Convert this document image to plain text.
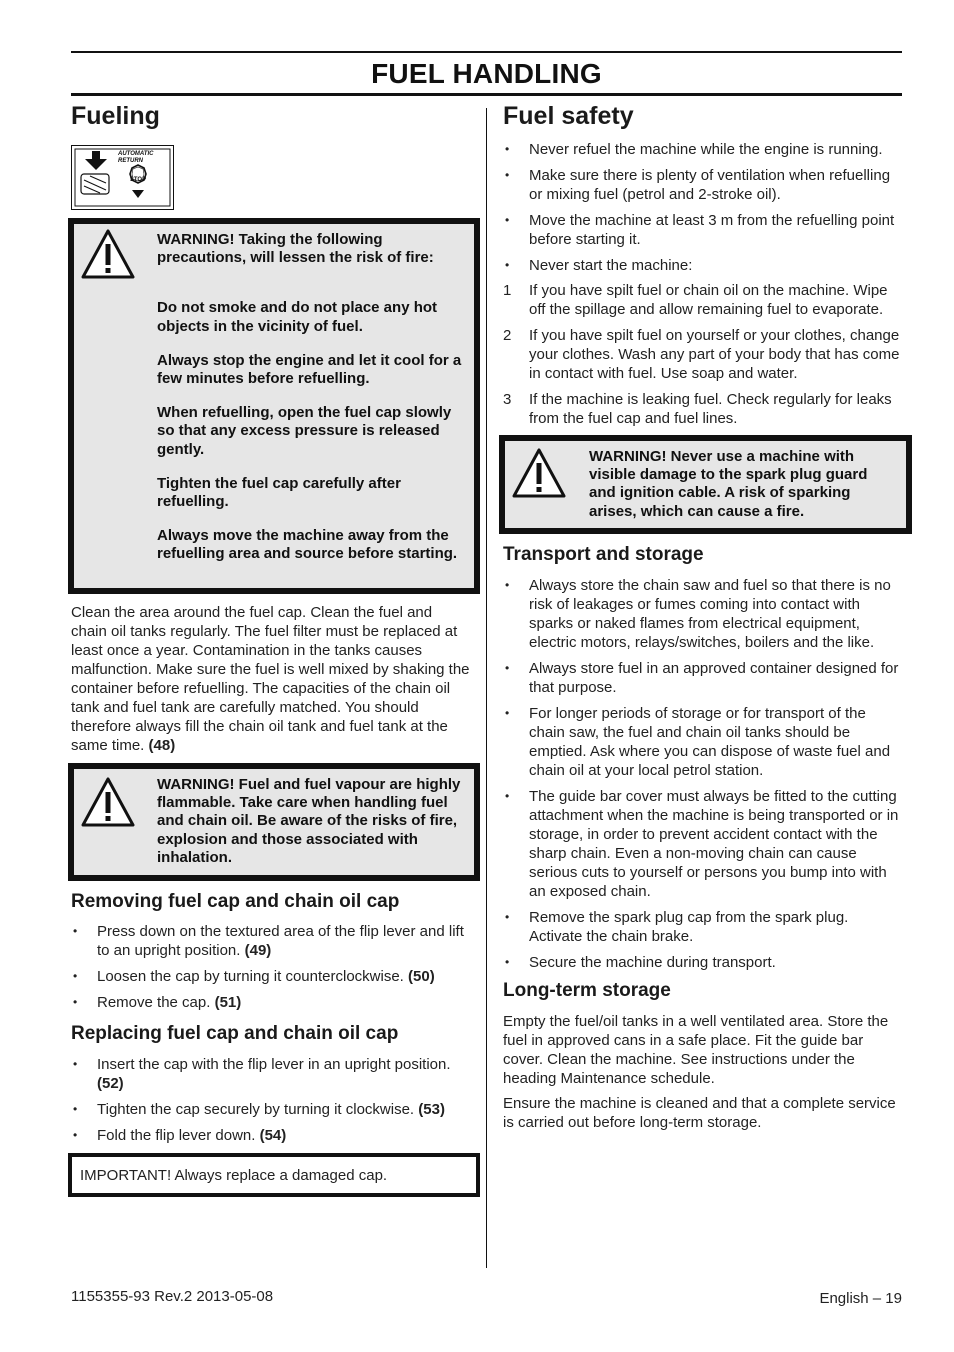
FUEL HANDLING
Fueling
AUTOMATIC
RETURN
STOP

WARNING! Taking the following precautions, will lessen the risk of fire:

Do not smoke and do not place any hot objects in the vicinity of fuel.

Always stop the engine and let it cool for a few minutes before refuelling.

When refuelling, open the fuel cap slowly so that any excess pressure is released gently.

Tighten the fuel cap carefully after refuelling.

Always move the machine away from the refuelling area and source before starting.

Clean the area around the fuel cap. Clean the fuel and chain oil tanks regularly. The fuel filter must be replaced at least once a year. Contamination in the tanks causes malfunction. Make sure the fuel is well mixed by shaking the container before refuelling. The capacities of the chain oil tank and fuel tank are carefully matched. You should therefore always fill the chain oil tank and fuel tank at the same time. (48)

WARNING! Fuel and fuel vapour are highly flammable. Take care when handling fuel and chain oil. Be aware of the risks of fire, explosion and those associated with inhalation.
Removing fuel cap and chain oil cap
• Press down on the textured area of the flip lever and lift to an upright position. (49)
• Loosen the cap by turning it counterclockwise. (50)
• Remove the cap. (51)
Replacing fuel cap and chain oil cap
• Insert the cap with the flip lever in an upright position. (52)
• Tighten the cap securely by turning it clockwise. (53)
• Fold the flip lever down. (54)
IMPORTANT! Always replace a damaged cap.
Fuel safety
• Never refuel the machine while the engine is running.
• Make sure there is plenty of ventilation when refuelling or mixing fuel (petrol and 2-stroke oil).
• Move the machine at least 3 m from the refuelling point before starting it.
• Never start the machine:
1 If you have spilt fuel or chain oil on the machine. Wipe off the spillage and allow remaining fuel to evaporate.
2 If you have spilt fuel on yourself or your clothes, change your clothes. Wash any part of your body that has come in contact with fuel. Use soap and water.
3 If the machine is leaking fuel. Check regularly for leaks from the fuel cap and fuel lines.
WARNING! Never use a machine with visible damage to the spark plug guard and ignition cable. A risk of sparking arises, which can cause a fire.
Transport and storage
• Always store the chain saw and fuel so that there is no risk of leakages or fumes coming into contact with sparks or naked flames from electrical equipment, electric motors, relays/switches, boilers and the like.
• Always store fuel in an approved container designed for that purpose.
• For longer periods of storage or for transport of the chain saw, the fuel and chain oil tanks should be emptied. Ask where you can dispose of waste fuel and chain oil at your local petrol station.
• The guide bar cover must always be fitted to the cutting attachment when the machine is being transported or in storage, in order to prevent accident contact with the sharp chain. Even a non-moving chain can cause serious cuts to yourself or persons you bump into with an exposed chain.
• Remove the spark plug cap from the spark plug. Activate the chain brake.
• Secure the machine during transport.
Long-term storage

Empty the fuel/oil tanks in a well ventilated area. Store the fuel in approved cans in a safe place. Fit the guide bar cover. Clean the machine. See instructions under the heading Maintenance schedule.

Ensure the machine is cleaned and that a complete service is carried out before long-term storage.

1155355-93 Rev.2 2013-05-08	English – 19
